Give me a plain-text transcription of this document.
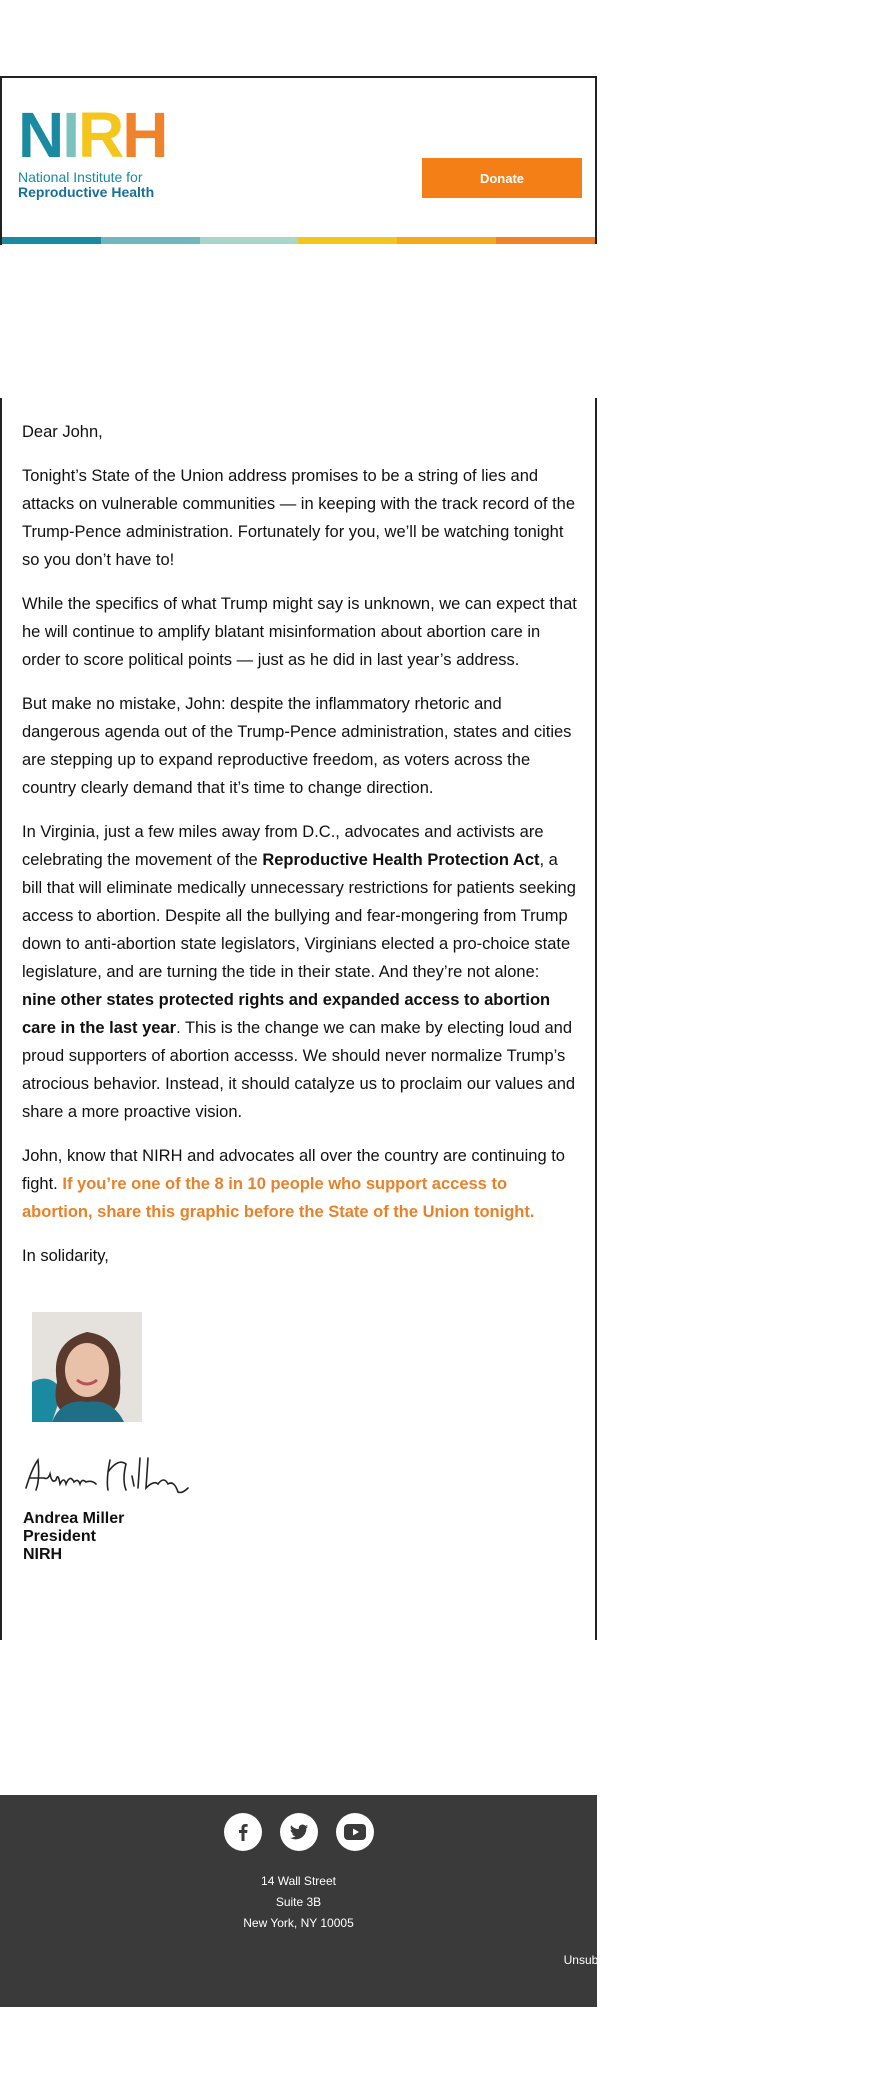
N I R H
National Institute for
Reproductive Health
Donate

Dear John,

Tonight’s State of the Union address promises to be a string of lies and attacks on vulnerable communities — in keeping with the track record of the Trump-Pence administration. Fortunately for you, we’ll be watching tonight so you don’t have to!

While the specifics of what Trump might say is unknown, we can expect that he will continue to amplify blatant misinformation about abortion care in order to score political points — just as he did in last year’s address.

But make no mistake, John: despite the inflammatory rhetoric and dangerous agenda out of the Trump-Pence administration, states and cities are stepping up to expand reproductive freedom, as voters across the country clearly demand that it’s time to change direction.

In Virginia, just a few miles away from D.C., advocates and activists are celebrating the movement of the Reproductive Health Protection Act, a bill that will eliminate medically unnecessary restrictions for patients seeking access to abortion. Despite all the bullying and fear-mongering from Trump down to anti-abortion state legislators, Virginians elected a pro-choice state legislature, and are turning the tide in their state. And they’re not alone: nine other states protected rights and expanded access to abortion care in the last year. This is the change we can make by electing loud and proud supporters of abortion accesss. We should never normalize Trump’s atrocious behavior. Instead, it should catalyze us to proclaim our values and share a more proactive vision.

John, know that NIRH and advocates all over the country are continuing to fight. If you’re one of the 8 in 10 people who support access to abortion, share this graphic before the State of the Union tonight.

In solidarity,

Andrea Miller
President
NIRH
14 Wall Street
Suite 3B
New York, NY 10005
Unsubscribe
